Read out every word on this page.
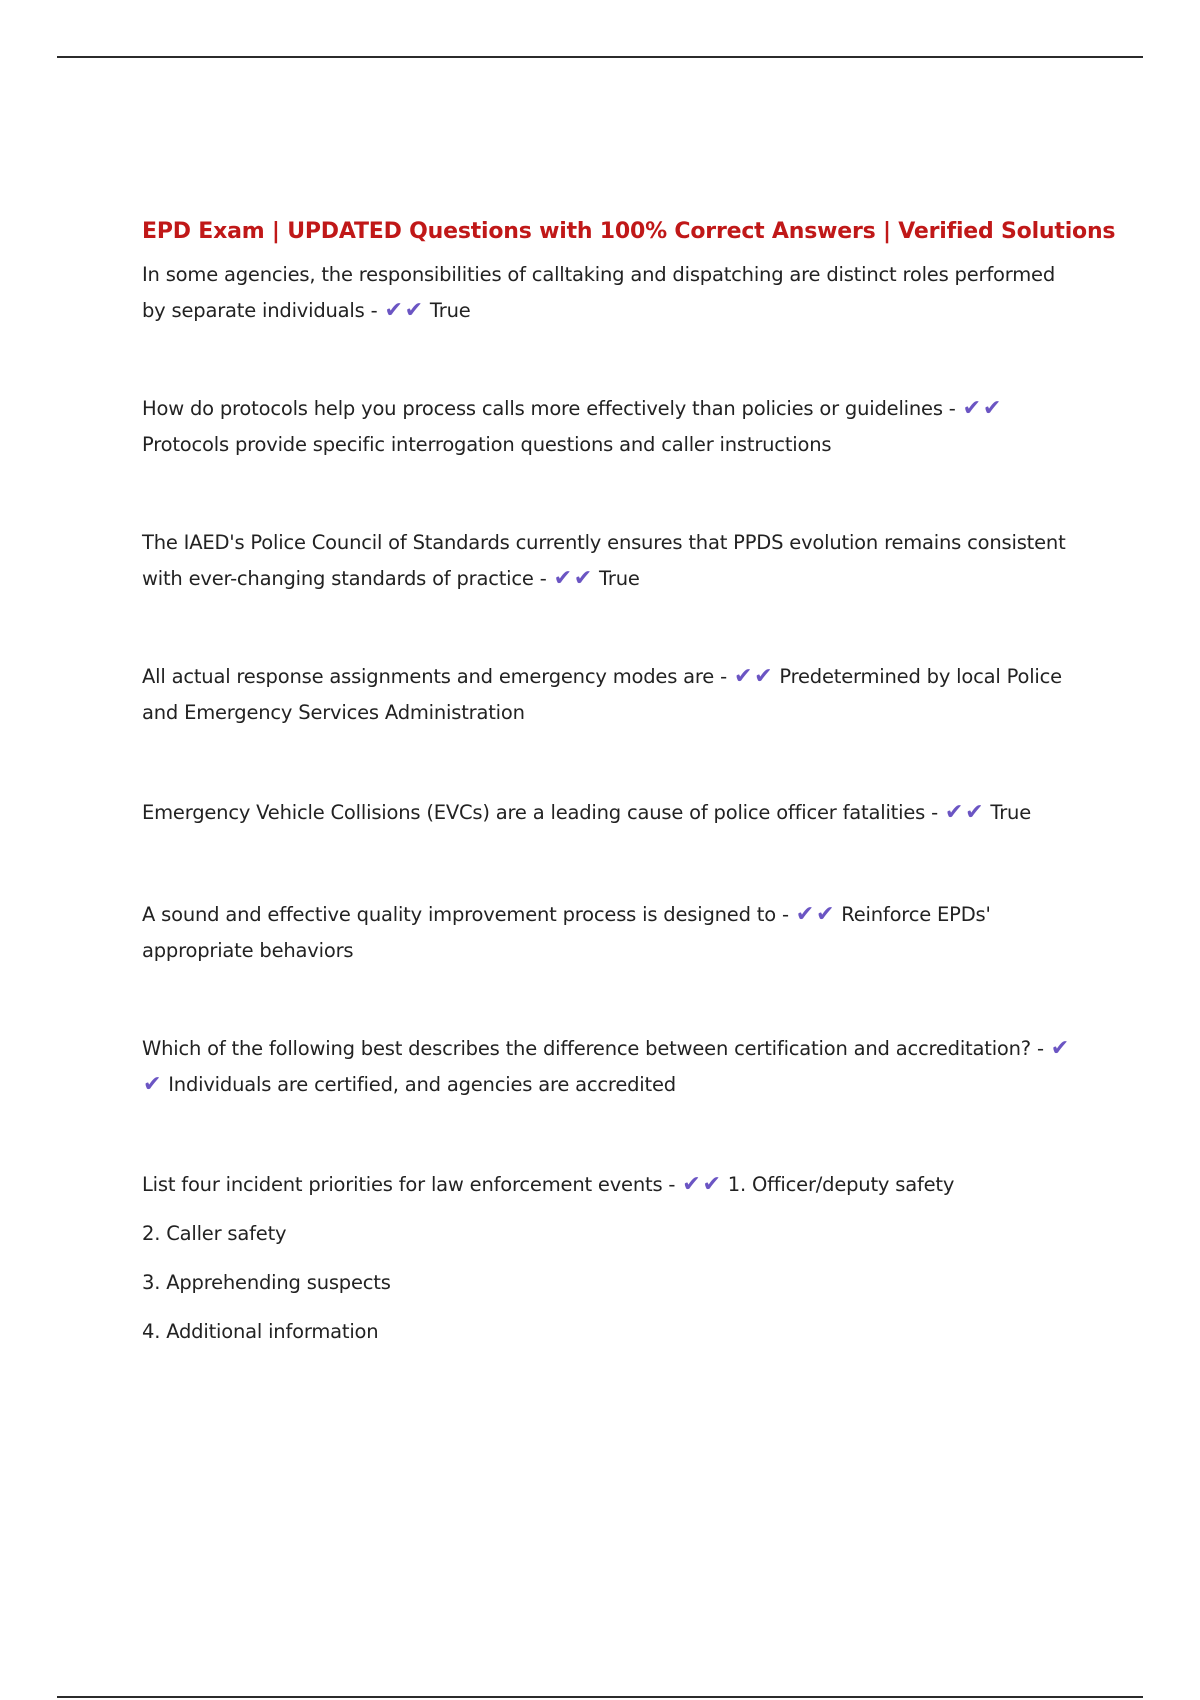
EPD Exam | UPDATED Questions with 100% Correct Answers | Verified Solutions

In some agencies, the responsibilities of calltaking and dispatching are distinct roles performed by separate individuals - ✔✔ True

How do protocols help you process calls more effectively than policies or guidelines - ✔✔ Protocols provide specific interrogation questions and caller instructions

The IAED's Police Council of Standards currently ensures that PPDS evolution remains consistent with ever-changing standards of practice - ✔✔ True

All actual response assignments and emergency modes are - ✔✔ Predetermined by local Police and Emergency Services Administration

Emergency Vehicle Collisions (EVCs) are a leading cause of police officer fatalities - ✔✔ True

A sound and effective quality improvement process is designed to - ✔✔ Reinforce EPDs' appropriate behaviors

Which of the following best describes the difference between certification and accreditation? - ✔✔ Individuals are certified, and agencies are accredited

List four incident priorities for law enforcement events - ✔✔ 1. Officer/deputy safety

2. Caller safety
3. Apprehending suspects
4. Additional information
